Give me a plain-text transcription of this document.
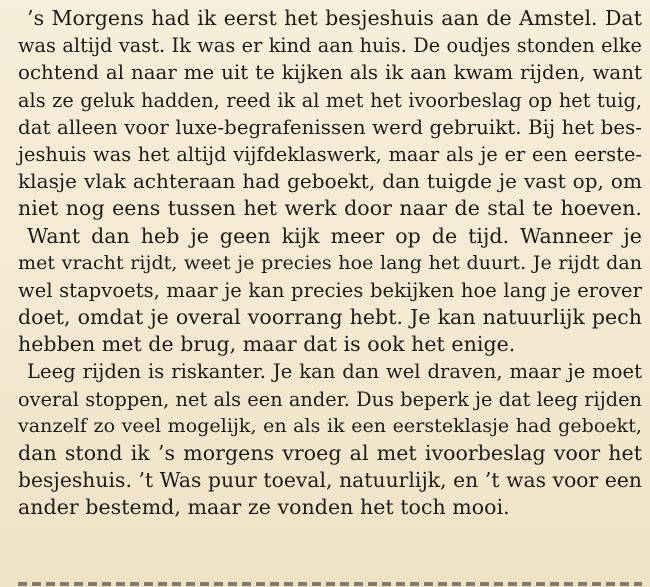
’s Morgens had ik eerst het besjeshuis aan de Amstel. Dat
was altijd vast. Ik was er kind aan huis. De oudjes stonden elke
ochtend al naar me uit te kijken als ik aan kwam rijden, want
als ze geluk hadden, reed ik al met het ivoorbeslag op het tuig,
dat alleen voor luxe-begrafenissen werd gebruikt. Bij het bes-
jeshuis was het altijd vijfdeklaswerk, maar als je er een eerste-
klasje vlak achteraan had geboekt, dan tuigde je vast op, om
niet nog eens tussen het werk door naar de stal te hoeven.
Want dan heb je geen kijk meer op de tijd. Wanneer je
met vracht rijdt, weet je precies hoe lang het duurt. Je rijdt dan
wel stapvoets, maar je kan precies bekijken hoe lang je erover
doet, omdat je overal voorrang hebt. Je kan natuurlijk pech
hebben met de brug, maar dat is ook het enige.
Leeg rijden is riskanter. Je kan dan wel draven, maar je moet
overal stoppen, net als een ander. Dus beperk je dat leeg rijden
vanzelf zo veel mogelijk, en als ik een eersteklasje had geboekt,
dan stond ik ’s morgens vroeg al met ivoorbeslag voor het
besjeshuis. ’t Was puur toeval, natuurlijk, en ’t was voor een
ander bestemd, maar ze vonden het toch mooi.
